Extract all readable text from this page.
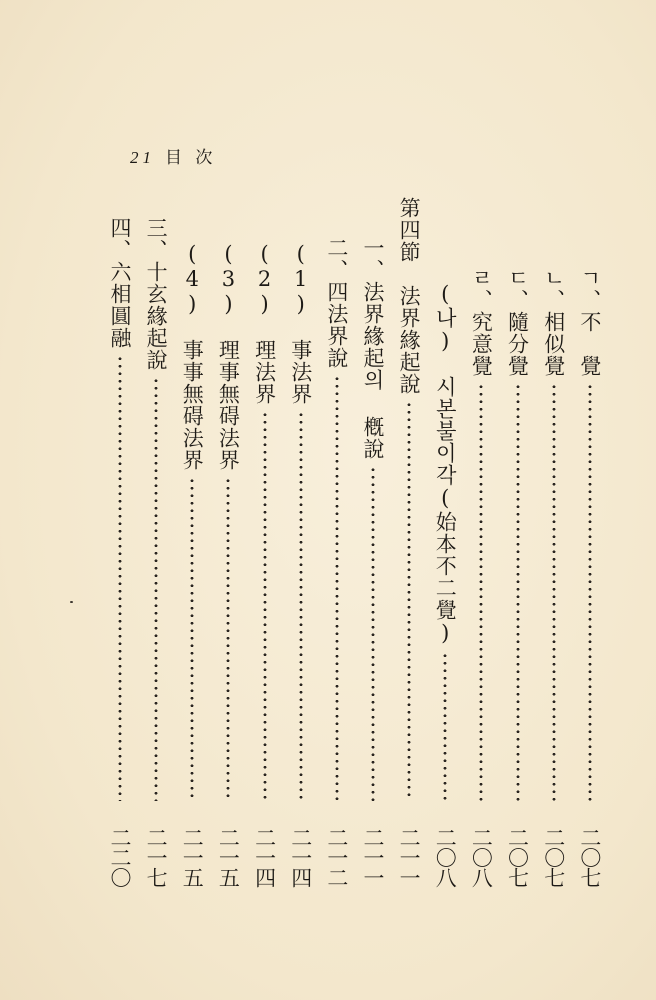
21 目 次
ㄱ、不　覺
二〇七
ㄴ、相似覺
二〇七
ㄷ、隨分覺
二〇七
ㄹ、究意覺
二〇八
(나)　시본불이각(始本不二覺)
二〇八
第四節　法界緣起說
二一一
一、法界緣起의 槪說
二一一
二、四法界說
二一二
(1)　事法界
二一四
(2)　理法界
二一四
(3)　理事無碍法界
二一五
(4)　事事無碍法界
二一五
三、十玄緣起說
二一七
四、六相圓融
二二〇
